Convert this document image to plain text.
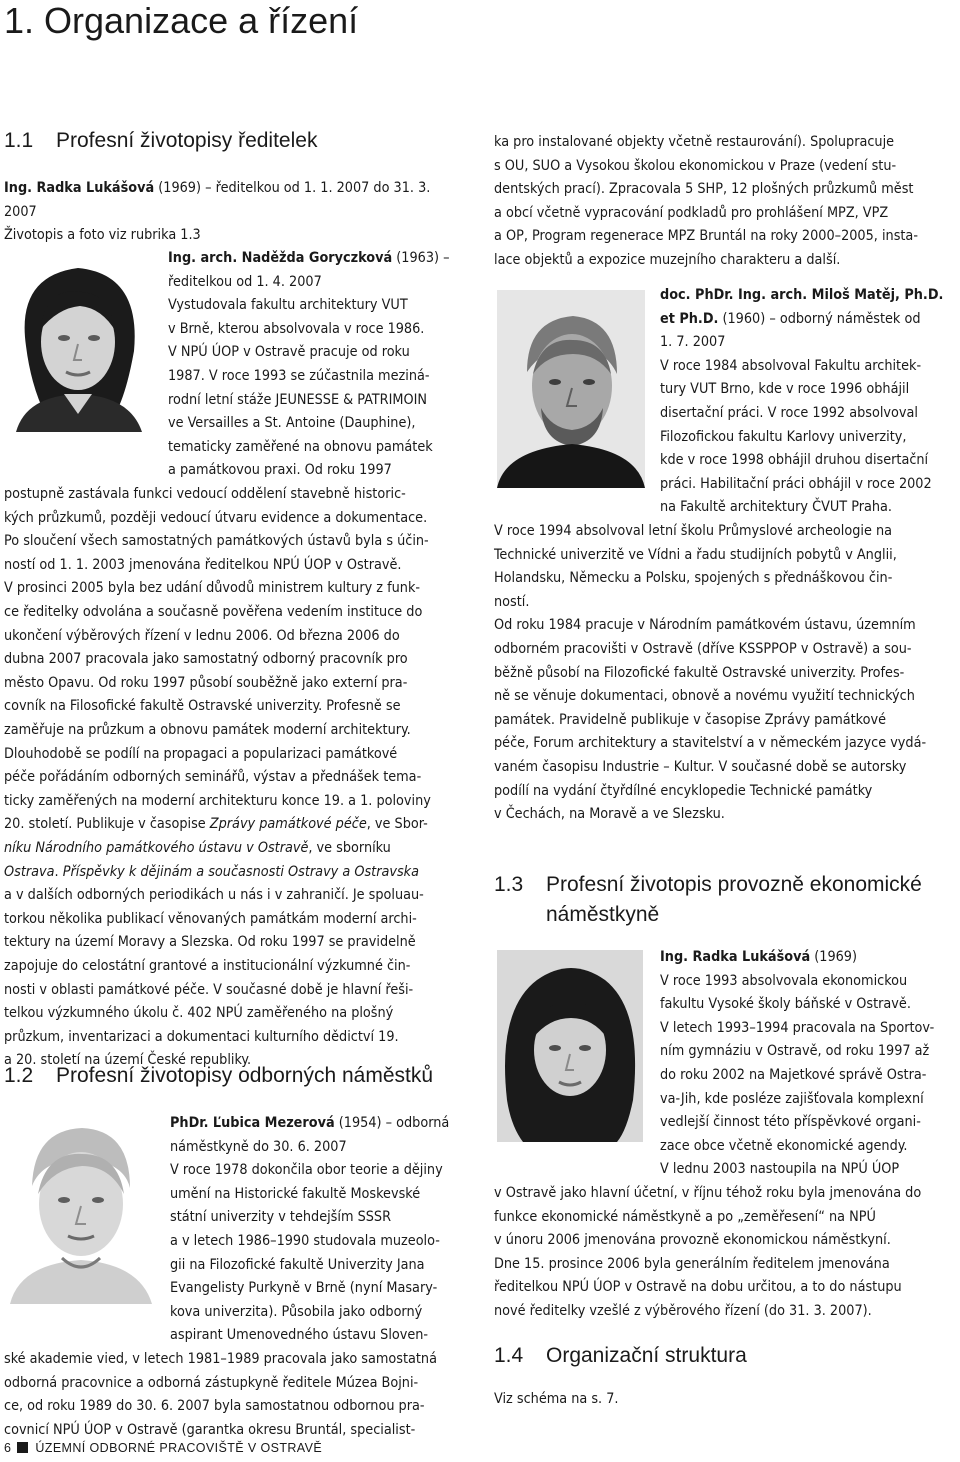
1. Organizace a řízení
1.1 Profesní životopisy ředitelek

Ing. Radka Lukášová (1969) – ředitelkou od 1. 1. 2007 do 31. 3.

2007

Životopis a foto viz rubrika 1.3

Ing. arch. Naděžda Goryczková (1963) –

ředitelkou od 1. 4. 2007

Vystudovala fakultu architektury VUT

v Brně, kterou absolvovala v roce 1986.

V NPÚ ÚOP v Ostravě pracuje od roku

1987. V roce 1993 se zúčastnila meziná-

rodní letní stáže JEUNESSE & PATRIMOIN

ve Versailles a St. Antoine (Dauphine),

tematicky zaměřené na obnovu památek

a památkovou praxi. Od roku 1997

postupně zastávala funkci vedoucí oddělení stavebně historic-

kých průzkumů, později vedoucí útvaru evidence a dokumentace.

Po sloučení všech samostatných památkových ústavů byla s účin-

ností od 1. 1. 2003 jmenována ředitelkou NPÚ ÚOP v Ostravě.

V prosinci 2005 byla bez udání důvodů ministrem kultury z funk-

ce ředitelky odvolána a současně pověřena vedením instituce do

ukončení výběrových řízení v lednu 2006. Od března 2006 do

dubna 2007 pracovala jako samostatný odborný pracovník pro

město Opavu. Od roku 1997 působí souběžně jako externí pra-

covník na Filosofické fakultě Ostravské univerzity. Profesně se

zaměřuje na průzkum a obnovu památek moderní architektury.

Dlouhodobě se podílí na propagaci a popularizaci památkové

péče pořádáním odborných seminářů, výstav a přednášek tema-

ticky zaměřených na moderní architekturu konce 19. a 1. poloviny

20. století. Publikuje v časopise Zprávy památkové péče, ve Sbor-

níku Národního památkového ústavu v Ostravě, ve sborníku

Ostrava. Příspěvky k dějinám a současnosti Ostravy a Ostravska

a v dalších odborných periodikách u nás i v zahraničí. Je spoluau-

torkou několika publikací věnovaných památkám moderní archi-

tektury na území Moravy a Slezska. Od roku 1997 se pravidelně

zapojuje do celostátní grantové a institucionální výzkumné čin-

nosti v oblasti památkové péče. V současné době je hlavní řeši-

telkou výzkumného úkolu č. 402 NPÚ zaměřeného na plošný

průzkum, inventarizaci a dokumentaci kulturního dědictví 19.

a 20. století na území České republiky.

1.2 Profesní životopisy odborných náměstků

PhDr. Ľubica Mezerová (1954) – odborná

náměstkyně do 30. 6. 2007

V roce 1978 dokončila obor teorie a dějiny

umění na Historické fakultě Moskevské

státní univerzity v tehdejším SSSR

a v letech 1986–1990 studovala muzeolo-

gii na Filozofické fakultě Univerzity Jana

Evangelisty Purkyně v Brně (nyní Masary-

kova univerzita). Působila jako odborný

aspirant Umenovedného ústavu Sloven-

ské akademie vied, v letech 1981–1989 pracovala jako samostatná

odborná pracovnice a odborná zástupkyně ředitele Múzea Bojni-

ce, od roku 1989 do 30. 6. 2007 byla samostatnou odbornou pra-

covnicí NPÚ ÚOP v Ostravě (garantka okresu Bruntál, specialist-

ka pro instalované objekty včetně restaurování). Spolupracuje

s OU, SUO a Vysokou školou ekonomickou v Praze (vedení stu-

dentských prací). Zpracovala 5 SHP, 12 plošných průzkumů měst

a obcí včetně vypracování podkladů pro prohlášení MPZ, VPZ

a OP, Program regenerace MPZ Bruntál na roky 2000–2005, insta-

lace objektů a expozice muzejního charakteru a další.

doc. PhDr. Ing. arch. Miloš Matěj, Ph.D.

et Ph.D. (1960) – odborný náměstek od

1. 7. 2007

V roce 1984 absolvoval Fakultu architek-

tury VUT Brno, kde v roce 1996 obhájil

disertační práci. V roce 1992 absolvoval

Filozofickou fakultu Karlovy univerzity,

kde v roce 1998 obhájil druhou disertační

práci. Habilitační práci obhájil v roce 2002

na Fakultě architektury ČVUT Praha.

V roce 1994 absolvoval letní školu Průmyslové archeologie na

Technické univerzitě ve Vídni a řadu studijních pobytů v Anglii,

Holandsku, Německu a Polsku, spojených s přednáškovou čin-

ností.

Od roku 1984 pracuje v Národním památkovém ústavu, územním

odborném pracovišti v Ostravě (dříve KSSPPOP v Ostravě) a sou-

běžně působí na Filozofické fakultě Ostravské univerzity. Profes-

ně se věnuje dokumentaci, obnově a novému využití technických

památek. Pravidelně publikuje v časopise Zprávy památkové

péče, Forum architektury a stavitelství a v německém jazyce vydá-

vaném časopisu Industrie – Kultur. V současné době se autorsky

podílí na vydání čtyřdílné encyklopedie Technické památky

v Čechách, na Moravě a ve Slezsku.

1.3 Profesní životopis provozně ekonomické
náměstkyně

Ing. Radka Lukášová (1969)

V roce 1993 absolvovala ekonomickou

fakultu Vysoké školy báňské v Ostravě.

V letech 1993–1994 pracovala na Sportov-

ním gymnáziu v Ostravě, od roku 1997 až

do roku 2002 na Majetkové správě Ostra-

va-Jih, kde posléze zajišťovala komplexní

vedlejší činnost této příspěvkové organi-

zace obce včetně ekonomické agendy.

V lednu 2003 nastoupila na NPÚ ÚOP

v Ostravě jako hlavní účetní, v říjnu téhož roku byla jmenována do

funkce ekonomické náměstkyně a po „zeměřesení“ na NPÚ

v únoru 2006 jmenována provozně ekonomickou náměstkyní.

Dne 15. prosince 2006 byla generálním ředitelem jmenována

ředitelkou NPÚ ÚOP v Ostravě na dobu určitou, a to do nástupu

nové ředitelky vzešlé z výběrového řízení (do 31. 3. 2007).

1.4 Organizační struktura

Viz schéma na s. 7.

6 ÚZEMNÍ ODBORNÉ PRACOVIŠTĚ V OSTRAVĚ
